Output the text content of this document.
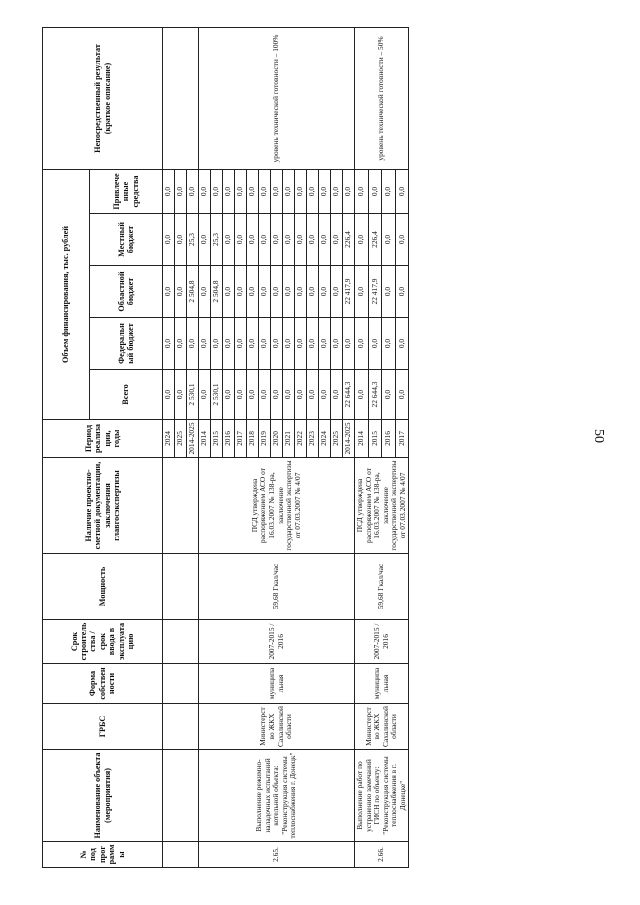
50
№ под программы	Наименование объекта (мероприятия)	ГРБС	Форма собственности	Срок строительства / срок ввода в эксплуатацию	Мощность	Наличие проектно-сметной документации, заключения главгосэкспертизы	Период реализации, годы	Объем финансирования, тыс. рублей					Непосредственный результат (краткое описание)
								Всего	Федеральный бюджет	Областной бюджет	Местный бюджет	Привлеченные средства	
							2024	0,0	0,0	0,0	0,0	0,0	
							2025	0,0	0,0	0,0	0,0	0,0	
							2014-2025	2 530,1	0,0	2 504,8	25,3	0,0	
2.65.	Выполнение режимно-наладочных испытаний котельной объекта: "Реконструкция системы теплоснабжения г. Донецк"	Министерство ЖКХ Сахалинской области	муниципальная	2007-2015 / 2016	59,68 Гкал/час	ПСД утверждена распоряжением АСО от 16.03.2007 № 138-ра, заключение государственной экспертизы от 07.03.2007 № 4/07	2014	0,0	0,0	0,0	0,0	0,0	уровень технической готовности – 100%
							2015	2 530,1	0,0	2 504,8	25,3	0,0	
							2016	0,0	0,0	0,0	0,0	0,0	
							2017	0,0	0,0	0,0	0,0	0,0	
							2018	0,0	0,0	0,0	0,0	0,0	
							2019	0,0	0,0	0,0	0,0	0,0	
							2020	0,0	0,0	0,0	0,0	0,0	
							2021	0,0	0,0	0,0	0,0	0,0	
							2022	0,0	0,0	0,0	0,0	0,0	
							2023	0,0	0,0	0,0	0,0	0,0	
							2024	0,0	0,0	0,0	0,0	0,0	
							2025	0,0	0,0	0,0	0,0	0,0	
							2014-2025	22 644,3	0,0	22 417,9	226,4	0,0	
2.66.	Выполнение работ по устранению замечаний ГИСН по объекту: "Реконструкция системы теплоснабжения в г. Донецке"	Министерство ЖКХ Сахалинской области	муниципальная	2007-2015 / 2016	59,68 Гкал/час	ПСД утверждена распоряжением АСО от 16.03.2007 № 138-ра, заключение государственной экспертизы от 07.03.2007 № 4/07	2014	0,0	0,0	0,0	0,0	0,0	уровень технической готовности – 50%
							2015	22 644,3	0,0	22 417,9	226,4	0,0	
							2016	0,0	0,0	0,0	0,0	0,0	
							2017	0,0	0,0	0,0	0,0	0,0	
